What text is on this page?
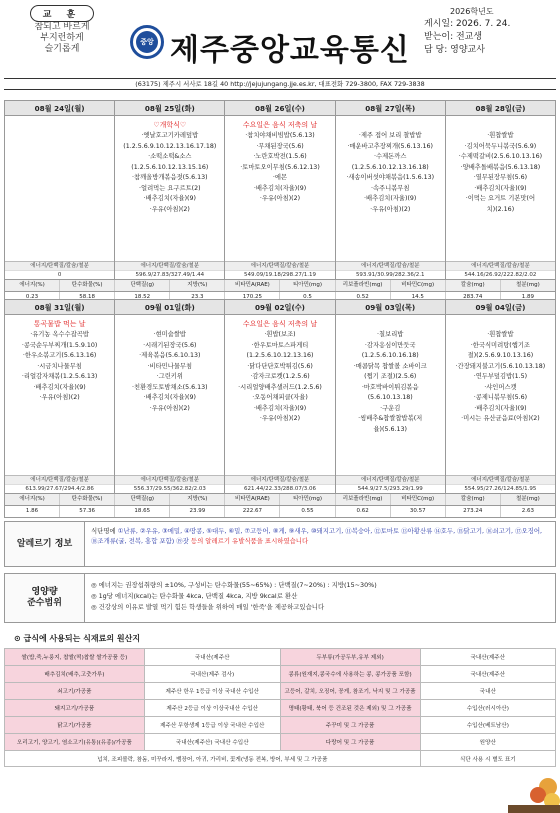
교 훈
참되고 바르게
부지런하게
슬기롭게
중앙 제주중앙교육통신
2026학년도
게시일: 2026. 7. 24.
받는이: 전교생
담 당: 영양교사
(63175) 제주시 서사로 18길 40 http://jejujungang.jje.es.kr, 대표전화 729-3800, FAX 729-3838
08월 24일(월)
에너지/탄백질/칼슘/철분
0
08월 25일(화)
♡개학식♡
·옛날호고기카레덮밥
(1.2.5.6.9.10.12.13.16.17.18)
·소떡소떡&소스
(1.2.5.6.10.12.13.15.16)
·참깨올방개볶음젓(5.6.13)
·얼려먹는 요구르트(2)
·배추김치(자율)(9)
·우유(아침)(2)
에너지/탄백질/칼슘/철분
596.9/27.83/327.49/1.44
08월 26일(수)
수요일은 음식 저축의 날
·참치야채비빔밥(5.6.13)
·무채된장국(5.6)
·노란호박전(1.5.6)
·토마토오이무침(5.6.12.13)
·에몬
·배추김치(자율)(9)
·우유(아침)(2)
에너지/탄백질/칼슘/철분
549.09/19.18/298.27/1.19
08월 27일(목)
·제주 접어 보리 찰밥밥
·매운바고추장찌개(5.6.13.16)
·수제돈까스
(1.2.5.6.10.12.13.16.18)
·새송이버섯야채볶음(1.5.6.13)
·속주니볶무침
·배추김치(자율)(9)
·우유(아침)(2)
에너지/탄백질/칼슘/철분
593.91/30.99/282.36/2.1
08월 28일(금)
·흰찹쌀밥
·김치어묵두니볶국(5.6.9)
·수제떡갈비(2.5.6.10.13.16)
·양배추돌배볶음(5.6.13.18)
·열무된장무침(5.6)
·배추김치(자율)(9)
·이먹는 요거트 기본맛(어
치)(2.16)
에너지/탄백질/칼슘/철분
544.16/26.92/222.82/2.02
에너지(%)	탄수화물(%)	단백질(g)	지방(%)	비타민A(RAE)	티아민(mg)	리보플라빈(mg)	비타민C(mg)	칼슘(mg)	철분(mg)
0.23	58.18	18.52	23.3	170.25	0.5	0.52	14.5	283.74	1.89
08월 31일(월)
통곡물밥 먹는 날
·유기농 옥수수잡곡밥
·콩국순두부찌개(1.5.9.10)
·한우소볶고기(5.6.13.16)
·시금치나물무침
·리얼감자채볶(1.2.5.6.13)
·배추김치(자율)(9)
·우유(아침)(2)
에너지/탄백질/칼슘/철분
613.99/27.67/294.4/2.86
09월 01일(화)
·현미숩쌀밥
·시래기된장국(5.6)
·제육볶음(5.6.10.13)
·비타민나물무침
·그린키위
·친환경도토밤채소(5.6.13)
·배추김치(자율)(9)
·우유(아침)(2)
에너지/탄백질/칼슘/철분
556.37/29.55/362.82/2.03
09월 02일(수)
수요일은 음식 저축의 날
·흰밥(보조)
·한우토마토스파게티
(1.2.5.6.10.12.13.16)
·닭다단단호박튀김(5.6)
·감자크로켓(1.2.5.6)
·시리얼양배추샐러드(1.2.5.6)
·오동어채피클(자율)
·배추김치(자율)(9)
·우유(아침)(2)
에너지/탄백질/칼슘/철분
621.44/22.33/288.07/3.06
09월 03일(목)
·칠보리밥
·감자옹심이만둣국
(1.2.5.6.10.16.18)
·매콤닭목 찹쌀볼 소바이크
(쩝기 조절)(2.5.6)
·마호박바이튀김볶음
(5.6.10.13.18)
·구운김
·씽배추&찹쌀찹밥볶(저
율)(5.6.13)
에너지/탄백질/칼슘/철분
544.9/27.5/293.29/1.99
09월 04일(금)
·흰찹쌀밥
·한국식미려탕(햅기조
절)(2.5.6.9.10.13.16)
·간장돼지불고기(5.6.10.13.18)
·연두부덮김밥(1.5)
·샤인머스캣
·콩제니볶무침(5.6)
·배추김치(자율)(9)
·미시는 유산균음료(아침)(2)
에너지/탄백질/칼슘/철분
554.95/27.26/124.85/1.95
에너지(%)	탄수화물(%)	단백질(g)	지방(%)	비타민A(RAE)	티아민(mg)	리보플라빈(mg)	비타민C(mg)	칼슘(mg)	철분(mg)
1.86	57.36	18.65	23.99	222.67	0.55	0.62	30.57	273.24	2.63
알레르기 정보
식단명에 ①난류, ②우유, ③메밀, ④땅콩, ⑤대두, ⑥밀, ⑦고등어, ⑧게, ⑨새우, ⑩돼지고기, ⑪복숭아, ⑫토마토 ⑬아황산류 ⑭호두, ⑮닭고기, ⑯쇠고기, ⑰오징어, ⑱조개류(굴, 전복, 홍합 포함) ⑲잣 등의 알레르기 유발식품을 표시하였습니다
영양량
준수범위
◎ 에너지는 권장섭취량의 ±10%, 구성비는 탄수화물(55~65%) : 단백질(7~20%) : 지방(15~30%)
◎ 1g당 에너지(kcal)는 탄수화물 4kca, 단백질 4kca, 지방 9kcal로 환산
◎ 건강상의 이유로 발열 먹기 힘든 학생들을 위하여 매일 '한죽'을 제공하고있습니다
⊙ 급식에 사용되는 식재료의 원산지
쌀(밥,죽,누룽지, 찹쌀(떡)찹쌀 쌀가공품 등)	국내산(제주산	두부류(가공두부,유부 제외)	국내산(제주산
배추김치(배추,고춧가루)	국내산(제주 검사)	콩류(원재지,콩국수에 사용하는 콩, 콩가공품 포함)	국내산(제주산
쇠고기/가공품	제주산 한우 1등급 이상 국내산 수입산	고등어, 갈치, 오징어, 꽁게, 참조기, 낙지 및 그 가공품	국내산
돼지고기/가공품	제주산 2등급 이상 이상국내산 수입산	명태(황태, 북어 등 건조된 것은 제외) 및 그 가공품	수입산(러시아산)
닭고기/가공품	제주산 무항생제 1등급 이상 국내산 수입산	주꾸미 및 그 가공품	수입산(베트남산)
오리고기, 양고기, 염소고기(유통)(유종)/가공품	국내산(제주산) 국내산 수입산	다랑어 및 그 가공품	원양산
넙치, 조피볼락, 참돔, 미꾸라지, 뱀장어, 아귀, 가리비, 꽃게(냉동 전복, 방어, 부세 및 그 가공품			식단 사용 시 별도 표기
